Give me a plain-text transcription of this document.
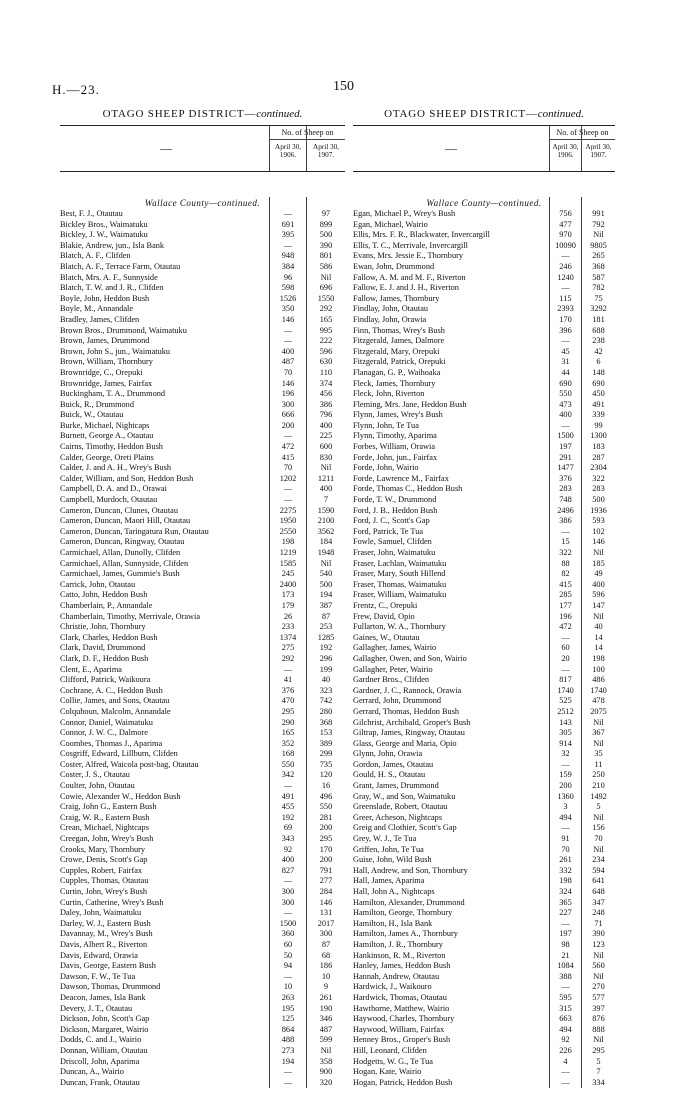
H.—23.	150
OTAGO SHEEP DISTRICT—continued.
—
No. of Sheep on
April 30,
1906.
April 30,
1907.
Wallace County—continued.
Best, F. J., Otautau	—	97
Bickley Bros., Waimatuku	691	899
Bickley, J. W., Waimatuku	395	500
Blakie, Andrew, jun., Isla Bank	—	390
Blatch, A. F., Clifden	948	801
Blatch, A. F., Terrace Farm, Otautau	384	586
Blatch, Mrs. A. F., Sunnyside	96	Nil
Blatch, T. W. and J. R., Clifden	598	696
Boyle, John, Heddon Bush	1526	1550
Boyle, M., Annandale	350	292
Bradley, James, Clifden	146	165
Brown Bros., Drummond, Waimatuku	—	995
Brown, James, Drummond	—	222
Brown, John S., jun., Waimatuku	400	596
Brown, William, Thornbury	487	630
Brownridge, C., Orepuki	70	110
Brownridge, James, Fairfax	146	374
Buckingham, T. A., Drummond	196	456
Buick, R., Drummond	300	386
Buick, W., Otautau	666	796
Burke, Michael, Nightcaps	200	400
Burnett, George A., Otautau	—	225
Cairns, Timothy, Heddon Bush	472	600
Calder, George, Oreti Plains	415	830
Calder, J. and A. H., Wrey's Bush	70	Nil
Calder, William, and Son, Heddon Bush	1202	1211
Campbell, D. A. and D., Orawai	—	400
Campbell, Murdoch, Otautau	—	7
Cameron, Duncan, Clunes, Otautau	2275	1590
Cameron, Duncan, Maori Hill, Otautau	1950	2100
Cameron, Duncan, Taringatura Run, Otautau	2550	3562
Cameron, Duncan, Ringway, Otautau	198	184
Carmichael, Allan, Dunolly, Clifden	1219	1948
Carmichael, Allan, Sunnyside, Clifden	1585	Nil
Carmichael, James, Gummie's Bush	245	540
Carrick, John, Otautau	2400	500
Catto, John, Heddon Bush	173	194
Chamberlain, P., Annandale	179	387
Chamberlain, Timothy, Merrivale, Orawia	26	87
Christie, John, Thornbury	233	253
Clark, Charles, Heddon Bush	1374	1285
Clark, David, Drummond	275	192
Clark, D. F., Heddon Bush	292	296
Clent, E., Aparima	—	199
Clifford, Patrick, Waikoura	41	40
Cochrane, A. C., Heddon Bush	376	323
Collie, James, and Sons, Otautau	470	742
Colquhoun, Malcolm, Annandale	295	280
Connor, Daniel, Waimatuku	290	368
Connor, J. W. C., Dalmore	165	153
Coombes, Thomas J., Aparima	352	389
Cosgriff, Edward, Lillburn, Clifden	168	299
Coster, Alfred, Waicola post-bag, Otautau	550	735
Coster, J. S., Otautau	342	120
Coulter, John, Otautau	—	16
Cowie, Alexander W., Heddon Bush	491	496
Craig, John G., Eastern Bush	455	550
Craig, W. R., Eastern Bush	192	281
Crean, Michael, Nightcaps	69	200
Creegan, John, Wrey's Bush	343	295
Crooks, Mary, Thornbury	92	170
Crowe, Denis, Scott's Gap	400	200
Cupples, Robert, Fairfax	827	791
Cupples, Thomas, Otautau	—	277
Curtin, John, Wrey's Bush	300	284
Curtin, Catherine, Wrey's Bush	300	146
Daley, John, Waimatuku	—	131
Darley, W. J., Eastern Bush	1500	2017
Davannay, M., Wrey's Bush	360	300
Davis, Albert R., Riverton	60	87
Davis, Edward, Orawia	50	68
Davis, George, Eastern Bush	94	186
Dawson, F. W., Te Tua	—	10
Dawson, Thomas, Drummond	10	9
Deacon, James, Isla Bank	263	261
Devery, J. T., Otautau	195	190
Dickson, John, Scott's Gap	125	346
Dickson, Margaret, Wairio	864	487
Dodds, C. and J., Wairio	488	599
Donnan, William, Otautau	273	Nil
Driscoll, John, Aparima	194	358
Duncan, A., Wairio	—	900
Duncan, Frank, Otautau	—	320
OTAGO SHEEP DISTRICT—continued.
—
No. of Sheep on
April 30,
1906.
April 30,
1907.
Wallace County—continued.
Egan, Michael P., Wrey's Bush	756	991
Egan, Michael, Wairio	477	792
Ellis, Mrs. F. R., Blackwater, Invercargill	970	Nil
Ellis, T. C., Merrivale, Invercargill	10090	9805
Evans, Mrs. Jessie E., Thornbury	—	265
Ewan, John, Drummond	246	368
Fallow, A. M. and M. F., Riverton	1240	587
Fallow, E. J. and J. H., Riverton	—	782
Fallow, James, Thornbury	115	75
Findlay, John, Otautau	2393	3292
Findlay, John, Orawia	170	181
Finn, Thomas, Wrey's Bush	396	688
Fitzgerald, James, Dalmore	—	238
Fitzgerald, Mary, Orepuki	45	42
Fitzgerald, Patrick, Orepuki	31	6
Flanagan, G. P., Waihoaka	44	148
Fleck, James, Thornbury	690	690
Fleck, John, Riverton	550	450
Fleming, Mrs. Jane, Heddon Bush	473	491
Flynn, James, Wrey's Bush	400	339
Flynn, John, Te Tua	—	99
Flynn, Timothy, Aparima	1500	1300
Forbes, William, Orawia	197	183
Forde, John, jun., Fairfax	291	287
Forde, John, Wairio	1477	2304
Forde, Lawrence M., Fairfax	376	322
Forde, Thomas C., Heddon Bush	283	283
Forde, T. W., Drummond	748	500
Ford, J. B., Heddon Bush	2496	1936
Ford, J. C., Scott's Gap	386	593
Ford, Patrick, Te Tua	—	102
Fowle, Samuel, Clifden	15	146
Fraser, John, Waimatuku	322	Nil
Fraser, Lachlan, Waimatuku	88	185
Fraser, Mary, South Hillend	82	49
Fraser, Thomas, Waimatuku	415	400
Fraser, William, Waimatuku	285	596
Frentz, C., Orepuki	177	147
Frew, David, Opio	196	Nil
Fullarton, W. A., Thornbury	472	40
Gaines, W., Otautau	—	14
Gallagher, James, Wairio	60	14
Gallagher, Owen, and Son, Wairio	20	198
Gallagher, Peter, Wairio	—	100
Gardner Bros., Clifden	817	486
Gardner, J. C., Rannock, Orawia	1740	1740
Gerrard, John, Drummond	525	478
Gerrard, Thomas, Heddon Bush	2512	2075
Gilchrist, Archibald, Groper's Bush	143	Nil
Giltrap, James, Ringway, Otautau	305	367
Glass, George and Maria, Opio	914	Nil
Glynn, John, Orawia	32	35
Gordon, James, Otautau	—	11
Gould, H. S., Otautau	159	250
Grant, James, Drummond	200	210
Gray, W., and Son, Waimatuku	1360	1492
Greenslade, Robert, Otautau	3	5
Greer, Acheson, Nightcaps	494	Nil
Greig and Clothier, Scott's Gap	—	156
Grey, W. J., Te Tua	91	70
Griffen, John, Te Tua	70	Nil
Guise, John, Wild Bush	261	234
Hall, Andrew, and Son, Thornbury	332	594
Hall, James, Aparima	198	641
Hall, John A., Nightcaps	324	648
Hamilton, Alexander, Drummond	365	347
Hamilton, George, Thornbury	227	248
Hamilton, H., Isla Bank	—	71
Hamilton, James A., Thornbury	197	390
Hamilton, J. R., Thornbury	98	123
Hankinson, R. M., Riverton	21	Nil
Hanley, James, Heddon Bush	1084	560
Hannah, Andrew, Otautau	388	Nil
Hardwick, J., Waikouro	—	270
Hardwick, Thomas, Otautau	595	577
Hawthorne, Matthew, Wairio	315	397
Haywood, Charles, Thornbury	663	876
Haywood, William, Fairfax	494	888
Henney Bros., Groper's Bush	92	Nil
Hill, Leonard, Clifden	226	295
Hodgetts, W. G., Te Tua	4	5
Hogan, Kate, Wairio	—	7
Hogan, Patrick, Heddon Bush	—	334
